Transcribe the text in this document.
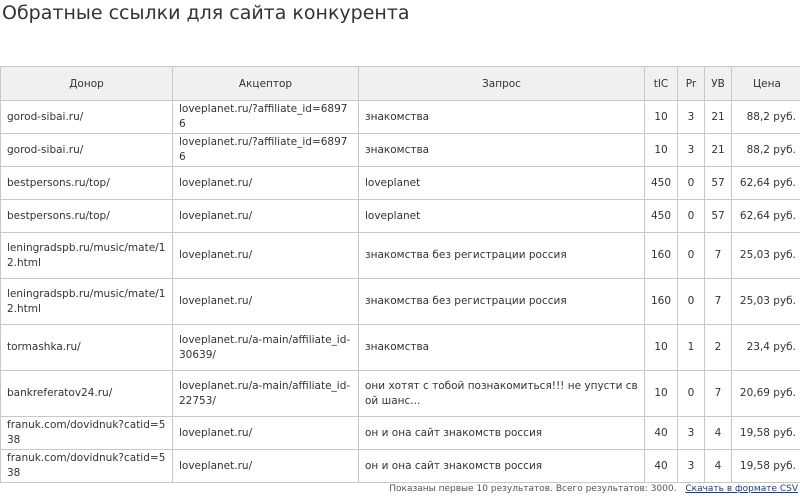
Обратные ссылки для сайта конкурента
Донор	Акцептор	Запрос	tIC	Pr	УВ	Цена
gorod-sibai.ru/	loveplanet.ru/?affiliate_id=68976	знакомства	10	3	21	88,2 руб.
gorod-sibai.ru/	loveplanet.ru/?affiliate_id=68976	знакомства	10	3	21	88,2 руб.
bestpersons.ru/top/	loveplanet.ru/	loveplanet	450	0	57	62,64 руб.
bestpersons.ru/top/	loveplanet.ru/	loveplanet	450	0	57	62,64 руб.
leningradspb.ru/music/mate/12.html	loveplanet.ru/	знакомства без регистрации россия	160	0	7	25,03 руб.
leningradspb.ru/music/mate/12.html	loveplanet.ru/	знакомства без регистрации россия	160	0	7	25,03 руб.
tormashka.ru/	loveplanet.ru/a-main/affiliate_id-30639/	знакомства	10	1	2	23,4 руб.
bankreferatov24.ru/	loveplanet.ru/a-main/affiliate_id-22753/	они хотят с тобой познакомиться!!! не упусти свой шанс...	10	0	7	20,69 руб.
franuk.com/dovidnuk?catid=538	loveplanet.ru/	он и она сайт знакомств россия	40	3	4	19,58 руб.
franuk.com/dovidnuk?catid=538	loveplanet.ru/	он и она сайт знакомств россия	40	3	4	19,58 руб.
Показаны первые 10 результатов. Всего результатов: 3000. Скачать в формате CSV
